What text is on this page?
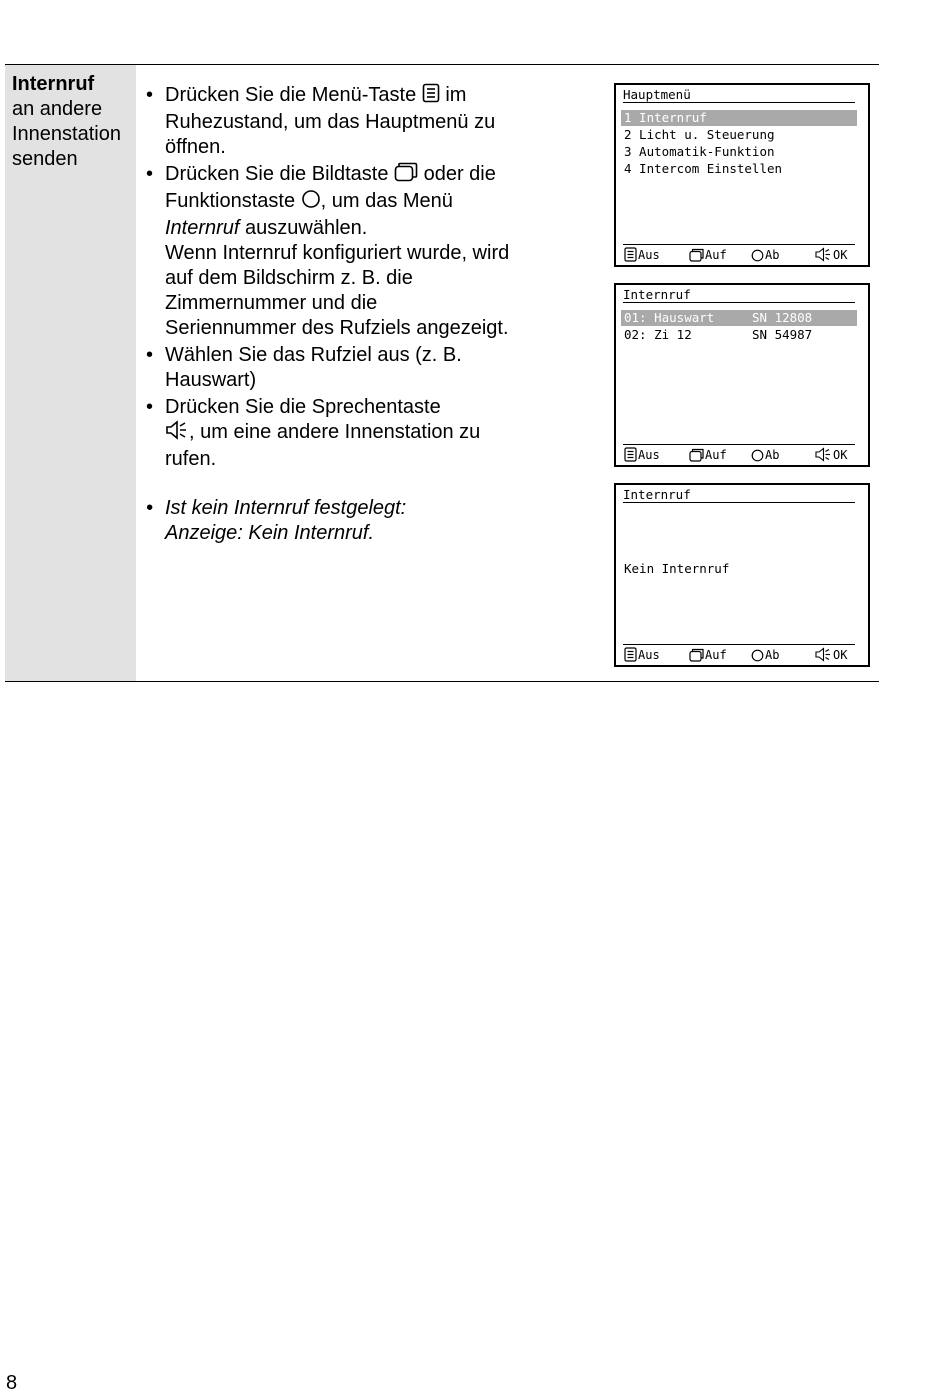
Internruf
an andere
Innenstation
senden
• Drücken Sie die Menü-Taste  im Ruhezustand, um das Hauptmenü zu öffnen.
• Drücken Sie die Bildtaste  oder die Funktionstaste , um das Menü Internruf auszuwählen.
Wenn Internruf konfiguriert wurde, wird auf dem Bildschirm z. B. die Zimmernummer und die Seriennummer des Rufziels angezeigt.
• Wählen Sie das Rufziel aus (z. B. Hauswart)
• Drücken Sie die Sprechentaste
, um eine andere Innenstation zu rufen.
• Ist kein Internruf festgelegt:
Anzeige: Kein Internruf.
Hauptmenü
1 Internruf
2 Licht u. Steuerung
3 Automatik-Funktion
4 Intercom Einstellen
Aus	Auf	Ab	OK
Internruf
01: Hauswart	SN 12808
02: Zi 12	SN 54987
Aus	Auf	Ab	OK
Internruf
Kein Internruf
Aus	Auf	Ab	OK
8
